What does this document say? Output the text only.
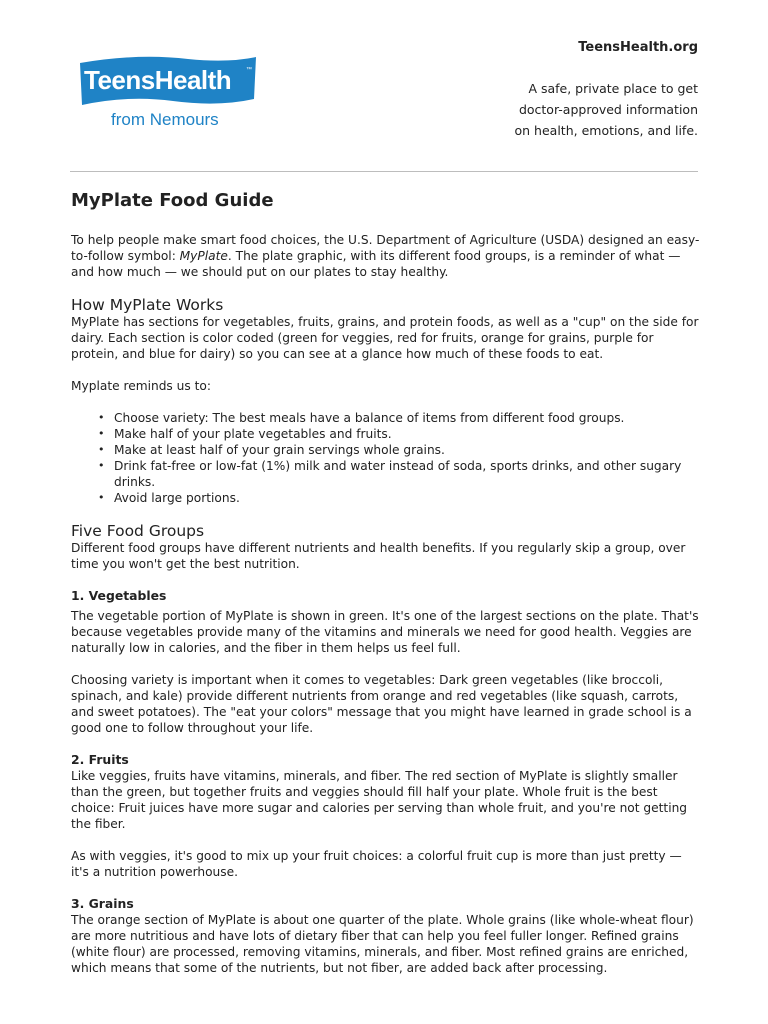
TeensHealth ™
from Nemours
TeensHealth.org
A safe, private place to get
doctor-approved information
on health, emotions, and life.
MyPlate Food Guide

To help people make smart food choices, the U.S. Department of Agriculture (USDA) designed an easy-to-follow symbol: MyPlate. The plate graphic, with its different food groups, is a reminder of what — and how much — we should put on our plates to stay healthy.

How MyPlate Works

MyPlate has sections for vegetables, fruits, grains, and protein foods, as well as a "cup" on the side for dairy. Each section is color coded (green for veggies, red for fruits, orange for grains, purple for protein, and blue for dairy) so you can see at a glance how much of these foods to eat.

Myplate reminds us to:

• Choose variety: The best meals have a balance of items from different food groups.
• Make half of your plate vegetables and fruits.
• Make at least half of your grain servings whole grains.
• Drink fat-free or low-fat (1%) milk and water instead of soda, sports drinks, and other sugary drinks.
• Avoid large portions.
Five Food Groups

Different food groups have different nutrients and health benefits. If you regularly skip a group, over time you won't get the best nutrition.

1. Vegetables

The vegetable portion of MyPlate is shown in green. It's one of the largest sections on the plate. That's because vegetables provide many of the vitamins and minerals we need for good health. Veggies are naturally low in calories, and the fiber in them helps us feel full.

Choosing variety is important when it comes to vegetables: Dark green vegetables (like broccoli, spinach, and kale) provide different nutrients from orange and red vegetables (like squash, carrots, and sweet potatoes). The "eat your colors" message that you might have learned in grade school is a good one to follow throughout your life.

2. Fruits

Like veggies, fruits have vitamins, minerals, and fiber. The red section of MyPlate is slightly smaller than the green, but together fruits and veggies should fill half your plate. Whole fruit is the best choice: Fruit juices have more sugar and calories per serving than whole fruit, and you're not getting the fiber.

As with veggies, it's good to mix up your fruit choices: a colorful fruit cup is more than just pretty — it's a nutrition powerhouse.

3. Grains

The orange section of MyPlate is about one quarter of the plate. Whole grains (like whole-wheat flour) are more nutritious and have lots of dietary fiber that can help you feel fuller longer. Refined grains (white flour) are processed, removing vitamins, minerals, and fiber. Most refined grains are enriched, which means that some of the nutrients, but not fiber, are added back after processing.
